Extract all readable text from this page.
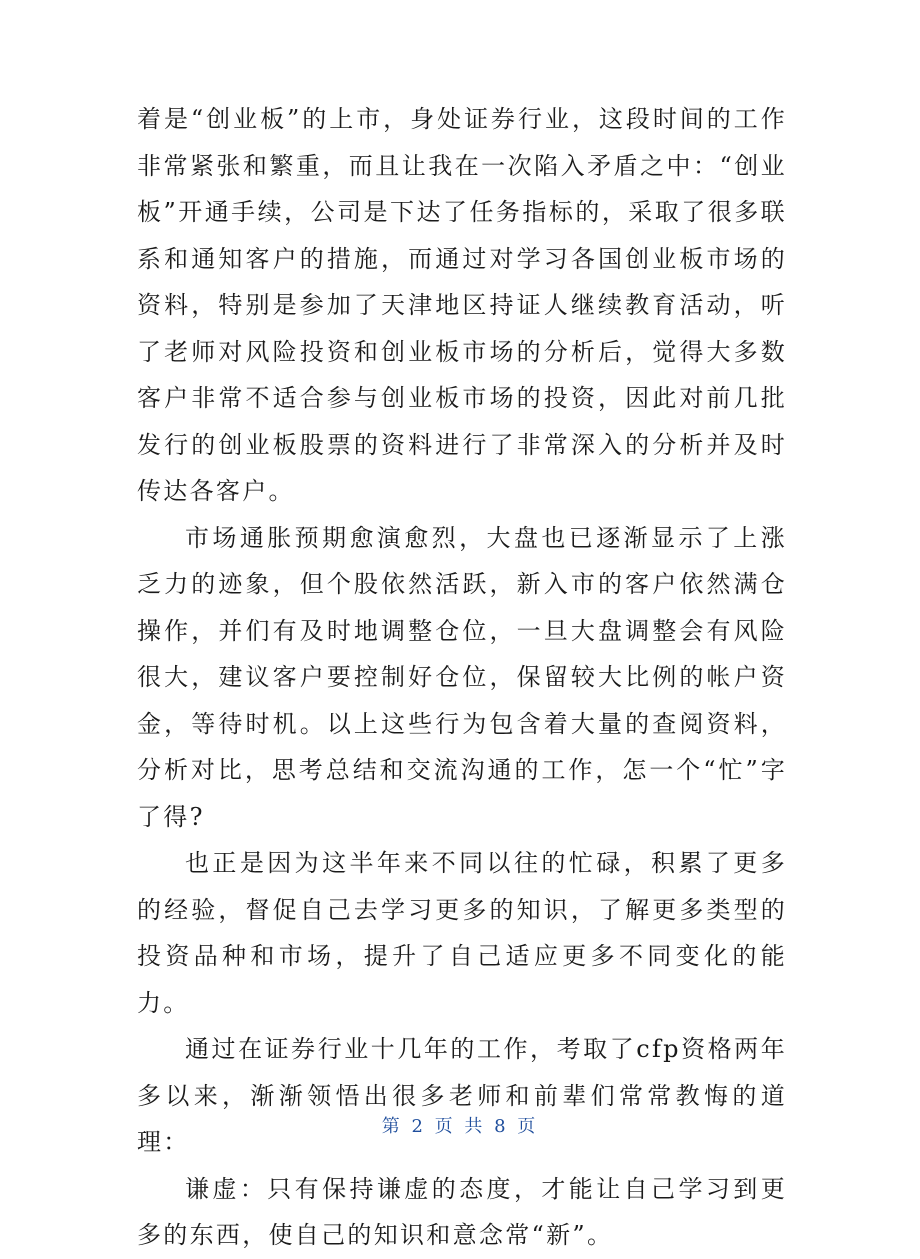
着是“创业板”的上市，身处证券行业，这段时间的工作非常紧张和繁重，而且让我在一次陷入矛盾之中：“创业板”开通手续，公司是下达了任务指标的，采取了很多联系和通知客户的措施，而通过对学习各国创业板市场的资料，特别是参加了天津地区持证人继续教育活动，听了老师对风险投资和创业板市场的分析后，觉得大多数客户非常不适合参与创业板市场的投资，因此对前几批发行的创业板股票的资料进行了非常深入的分析并及时传达各客户。

市场通胀预期愈演愈烈，大盘也已逐渐显示了上涨乏力的迹象，但个股依然活跃，新入市的客户依然满仓操作，并们有及时地调整仓位，一旦大盘调整会有风险很大，建议客户要控制好仓位，保留较大比例的帐户资金，等待时机。以上这些行为包含着大量的查阅资料，分析对比，思考总结和交流沟通的工作，怎一个“忙”字了得?

也正是因为这半年来不同以往的忙碌，积累了更多的经验，督促自己去学习更多的知识，了解更多类型的投资品种和市场，提升了自己适应更多不同变化的能力。

通过在证券行业十几年的工作，考取了cfp资格两年多以来，渐渐领悟出很多老师和前辈们常常教悔的道理：

谦虚：只有保持谦虚的态度，才能让自己学习到更多的东西，使自己的知识和意念常“新”。

第 2 页 共 8 页
